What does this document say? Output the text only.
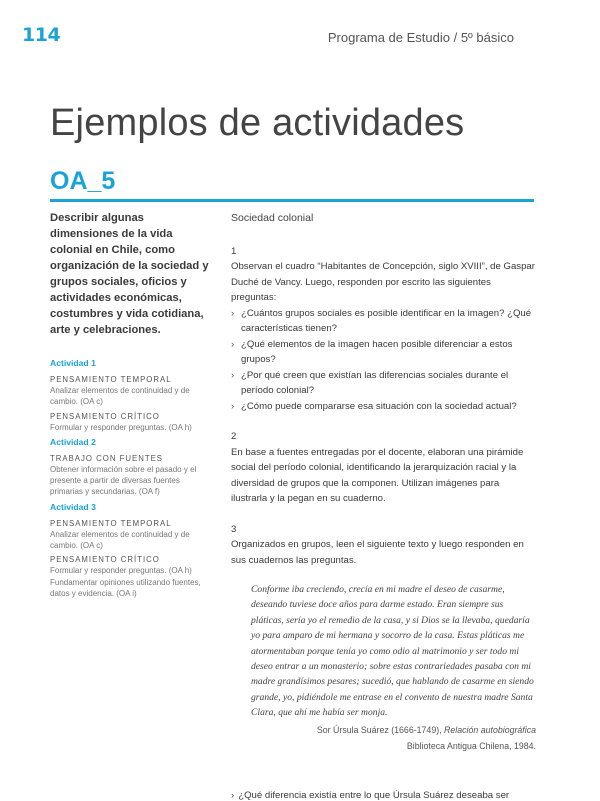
114	Programa de Estudio / 5º básico
Ejemplos de actividades
OA_5

Describir algunas dimensiones de la vida colonial en Chile, como organización de la sociedad y grupos sociales, oficios y actividades económicas, costumbres y vida cotidiana, arte y celebraciones.

Actividad 1
PENSAMIENTO TEMPORAL
Analizar elementos de continuidad y de cambio. (OA c)
PENSAMIENTO CRÍTICO
Formular y responder preguntas. (OA h)
Actividad 2
TRABAJO CON FUENTES
Obtener información sobre el pasado y el presente a partir de diversas fuentes primarias y secundarias. (OA f)
Actividad 3
PENSAMIENTO TEMPORAL
Analizar elementos de continuidad y de cambio. (OA c)
PENSAMIENTO CRÍTICO
Formular y responder preguntas. (OA h)
Fundamentar opiniones utilizando fuentes, datos y evidencia. (OA i)
Sociedad colonial

1

Observan el cuadro “Habitantes de Concepción, siglo XVIII”, de Gaspar Duché de Vancy. Luego, responden por escrito las siguientes preguntas:

› ¿Cuántos grupos sociales es posible identificar en la imagen? ¿Qué características tienen?
› ¿Qué elementos de la imagen hacen posible diferenciar a estos grupos?
› ¿Por qué creen que existían las diferencias sociales durante el período colonial?
› ¿Cómo puede compararse esa situación con la sociedad actual?

2

En base a fuentes entregadas por el docente, elaboran una pirámide social del período colonial, identificando la jerarquización racial y la diversidad de grupos que la componen. Utilizan imágenes para ilustrarla y la pegan en su cuaderno.

3

Organizados en grupos, leen el siguiente texto y luego responden en sus cuadernos las preguntas.

Conforme iba creciendo, crecía en mi madre el deseo de casarme, deseando tuviese doce años para darme estado. Eran siempre sus pláticas, sería yo el remedio de la casa, y si Dios se la llevaba, quedaría yo para amparo de mi hermana y socorro de la casa. Estas pláticas me atormentaban porque tenía yo como odio al matrimonio y ser todo mi deseo entrar a un monasterio; sobre estas contrariedades pasaba con mi madre grandísimos pesares; sucedió, que hablando de casarme en siendo grande, yo, pidiéndole me entrase en el convento de nuestra madre Santa Clara, que ahí me había ser monja.
Sor Úrsula Suárez (1666-1749), Relación autobiográfica
Biblioteca Antigua Chilena, 1984.
› ¿Qué diferencia existía entre lo que Úrsula Suárez deseaba ser
